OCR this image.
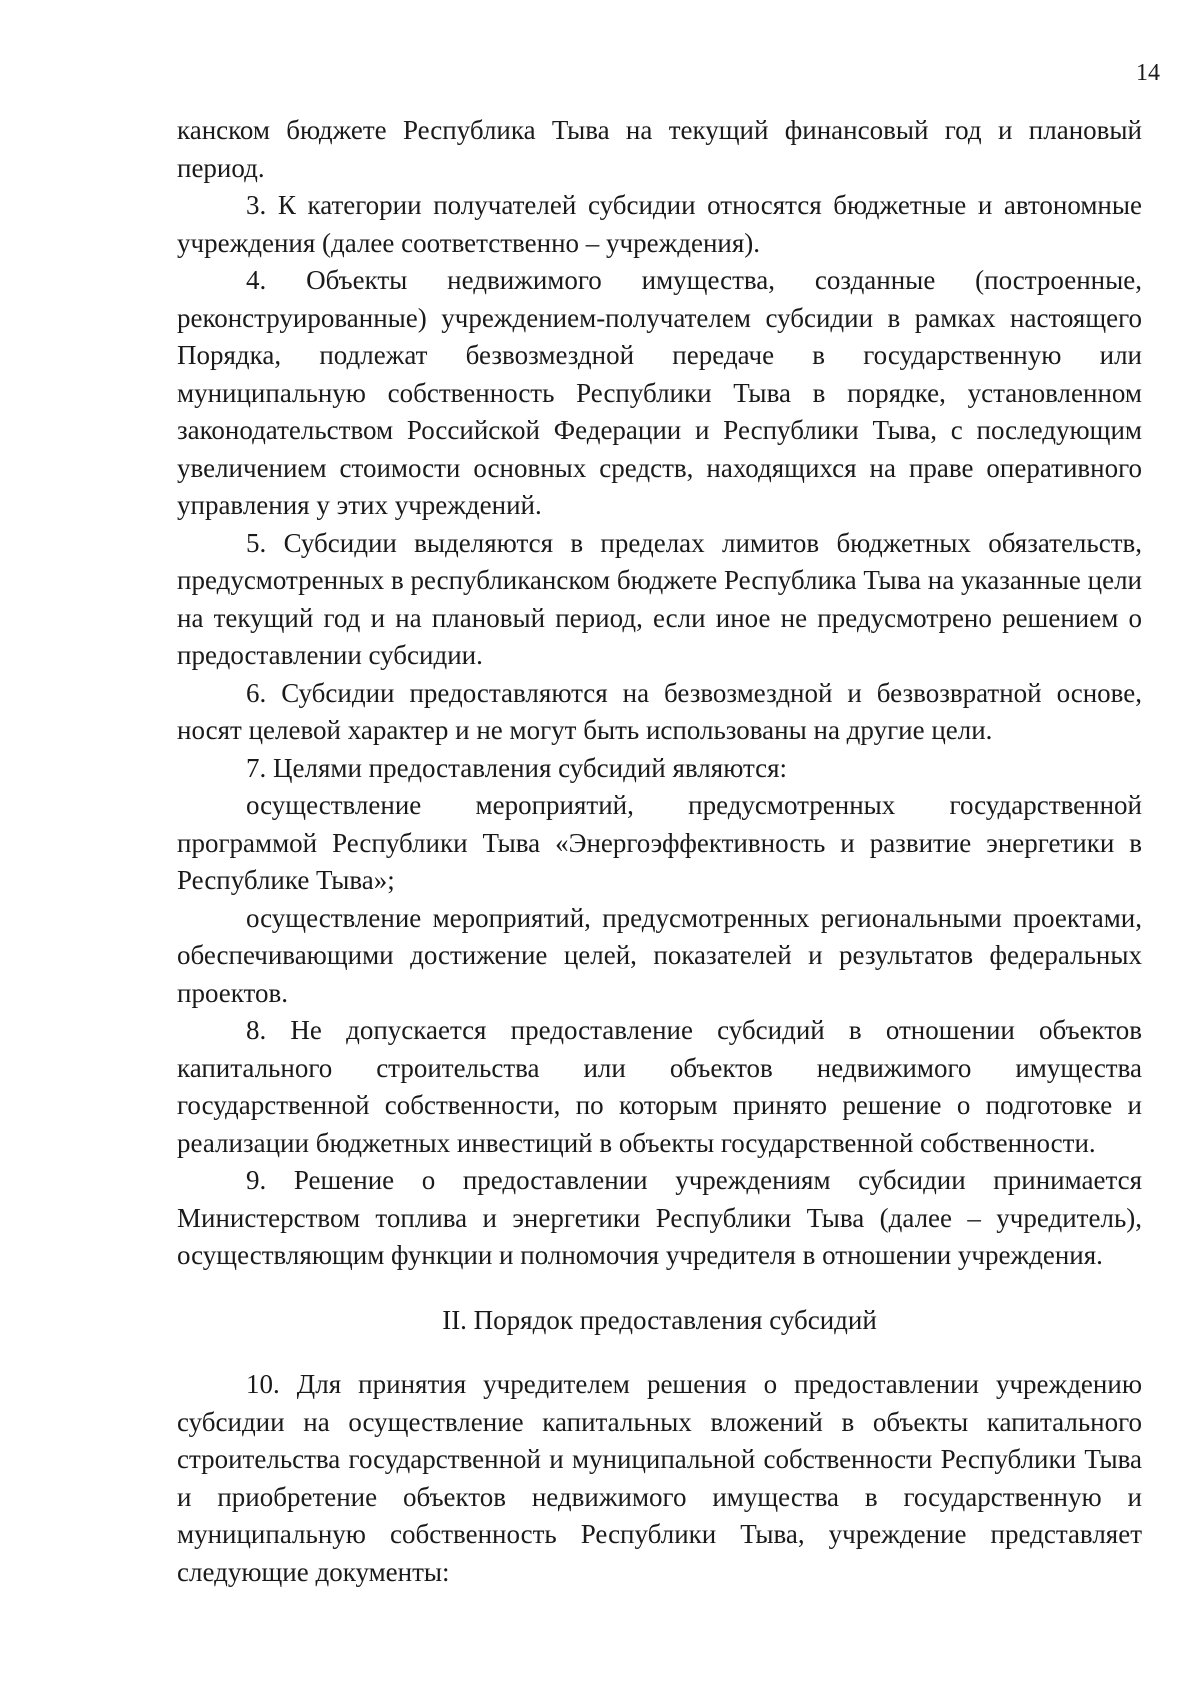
14

канском бюджете Республика Тыва на текущий финансовый год и плановый период.

3. К категории получателей субсидии относятся бюджетные и автономные учреждения (далее соответственно – учреждения).

4. Объекты недвижимого имущества, созданные (построенные, реконструированные) учреждением-получателем субсидии в рамках настоящего Порядка, подлежат безвозмездной передаче в государственную или муниципальную собственность Республики Тыва в порядке, установленном законодательством Российской Федерации и Республики Тыва, с последующим увеличением стоимости основных средств, находящихся на праве оперативного управления у этих учреждений.

5. Субсидии выделяются в пределах лимитов бюджетных обязательств, предусмотренных в республиканском бюджете Республика Тыва на указанные цели на текущий год и на плановый период, если иное не предусмотрено решением о предоставлении субсидии.

6. Субсидии предоставляются на безвозмездной и безвозвратной основе, носят целевой характер и не могут быть использованы на другие цели.

7. Целями предоставления субсидий являются:

осуществление мероприятий, предусмотренных государственной программой Республики Тыва «Энергоэффективность и развитие энергетики в Республике Тыва»;

осуществление мероприятий, предусмотренных региональными проектами, обеспечивающими достижение целей, показателей и результатов федеральных проектов.

8. Не допускается предоставление субсидий в отношении объектов капитального строительства или объектов недвижимого имущества государственной собственности, по которым принято решение о подготовке и реализации бюджетных инвестиций в объекты государственной собственности.

9. Решение о предоставлении учреждениям субсидии принимается Министерством топлива и энергетики Республики Тыва (далее – учредитель), осуществляющим функции и полномочия учредителя в отношении учреждения.

II. Порядок предоставления субсидий

10. Для принятия учредителем решения о предоставлении учреждению субсидии на осуществление капитальных вложений в объекты капитального строительства государственной и муниципальной собственности Республики Тыва и приобретение объектов недвижимого имущества в государственную и муниципальную собственность Республики Тыва, учреждение представляет следующие документы:
